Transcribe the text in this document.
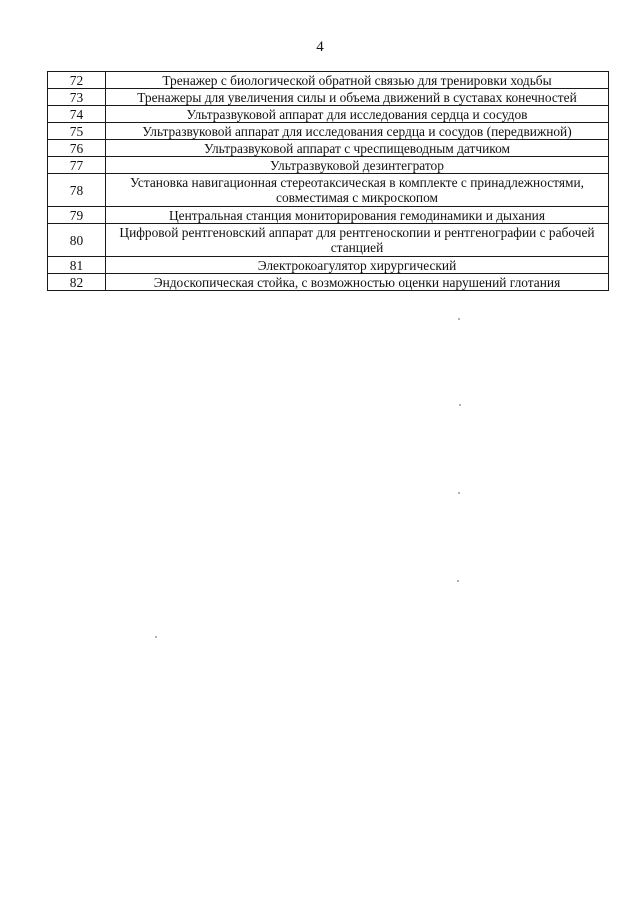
4
72	Тренажер с биологической обратной связью для тренировки ходьбы
73	Тренажеры для увеличения силы и объема движений в суставах конечностей
74	Ультразвуковой аппарат для исследования сердца и сосудов
75	Ультразвуковой аппарат для исследования сердца и сосудов (передвижной)
76	Ультразвуковой аппарат с чреспищеводным датчиком
77	Ультразвуковой дезинтегратор
78	Установка навигационная стереотаксическая в комплекте с принадлежностями, совместимая с микроскопом
79	Центральная станция мониторирования гемодинамики и дыхания
80	Цифровой рентгеновский аппарат для рентгеноскопии и рентгенографии с рабочей станцией
81	Электрокоагулятор хирургический
82	Эндоскопическая стойка, с возможностью оценки нарушений глотания
